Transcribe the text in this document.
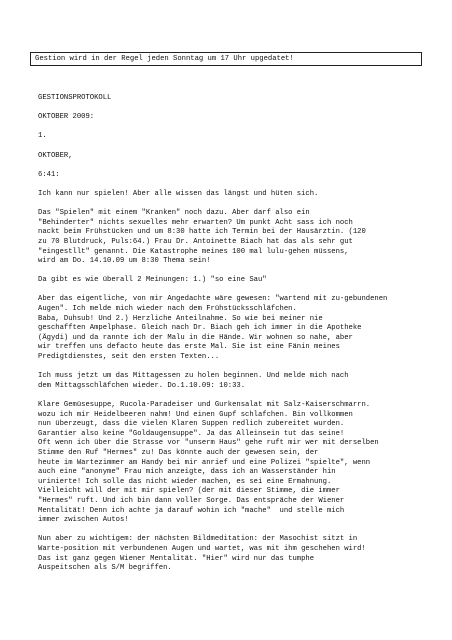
Gestion wird in der Regel jeden Sonntag um 17 Uhr upgedatet!
GESTIONSPROTOKOLL
OKTOBER 2009:
1.
OKTOBER,
6:41:
Ich kann nur spielen! Aber alle wissen das längst und hüten sich.
Das "Spielen" mit einem "Kranken" noch dazu. Aber darf also ein
"Behinderter" nichts sexuelles mehr erwarten? Um punkt Acht sass ich noch
nackt beim Frühstücken und um 8:30 hatte ich Termin bei der Hausärztin. (120
zu 70 Blutdruck, Puls:64.) Frau Dr. Antoinette Biach hat das als sehr gut
"eingestllt" genannt. Die Katastrophe meines 100 mal lulu-gehen müssens,
wird am Do. 14.10.09 um 8:30 Thema sein!
Da gibt es wie überall 2 Meinungen: 1.) "so eine Sau"
Aber das eigentliche, von mir Angedachte wäre gewesen: "wartend mit zu-gebundenen
Augen". Ich melde mich wieder nach dem Frühstücksschläfchen.
Baba, Duhsub! Und 2.) Herzliche Anteilnahme. So wie bei meiner nie
geschafften Ampelphase. Gleich nach Dr. Biach geh ich immer in die Apotheke
(Ägydi) und da rannte ich der Malu in die Hände. Wir wohnen so nahe, aber
wir treffen uns defacto heute das erste Mal. Sie ist eine Fänin meines
Predigtdienstes, seit den ersten Texten...
Ich muss jetzt um das Mittagessen zu holen beginnen. Und melde mich nach
dem Mittagsschläfchen wieder. Do.1.10.09: 10:33.
Klare Gemüsesuppe, Rucola-Paradeiser und Gurkensalat mit Salz-Kaiserschmarrn.
wozu ich mir Heidelbeeren nahm! Und einen Gupf schlafchen. Bin vollkommen
nun überzeugt, dass die vielen Klaren Suppen redlich zubereitet wurden.
Garantier also keine "Goldaugensuppe". Ja das Alleinsein tut das seine!
Oft wenn ich über die Strasse vor "unserm Haus" gehe ruft mir wer mit derselben
Stimme den Ruf "Hermes" zu! Das könnte auch der gewesen sein, der
heute im Wartezimmer am Handy bei mir anrief und eine Polizei "spielte", wenn
auch eine "anonyme" Frau mich anzeigte, dass ich an Wasserständer hin
urinierte! Ich solle das nicht wieder machen, es sei eine Ermahnung.
Vielleicht will der mit mir spielen? (der mit dieser Stimme, die immer
"Hermes" ruft. Und ich bin dann voller Sorge. Das entspräche der Wiener
Mentalität! Denn ich achte ja darauf wohin ich "mache"  und stelle mich
immer zwischen Autos!
Nun aber zu wichtigem: der nächsten Bildmeditation: der Masochist sitzt in
Warte-position mit verbundenen Augen und wartet, was mit ihm geschehen wird!
Das ist ganz gegen Wiener Mentalität. "Hier" wird nur das tumphe
Auspeitschen als S/M begriffen.
